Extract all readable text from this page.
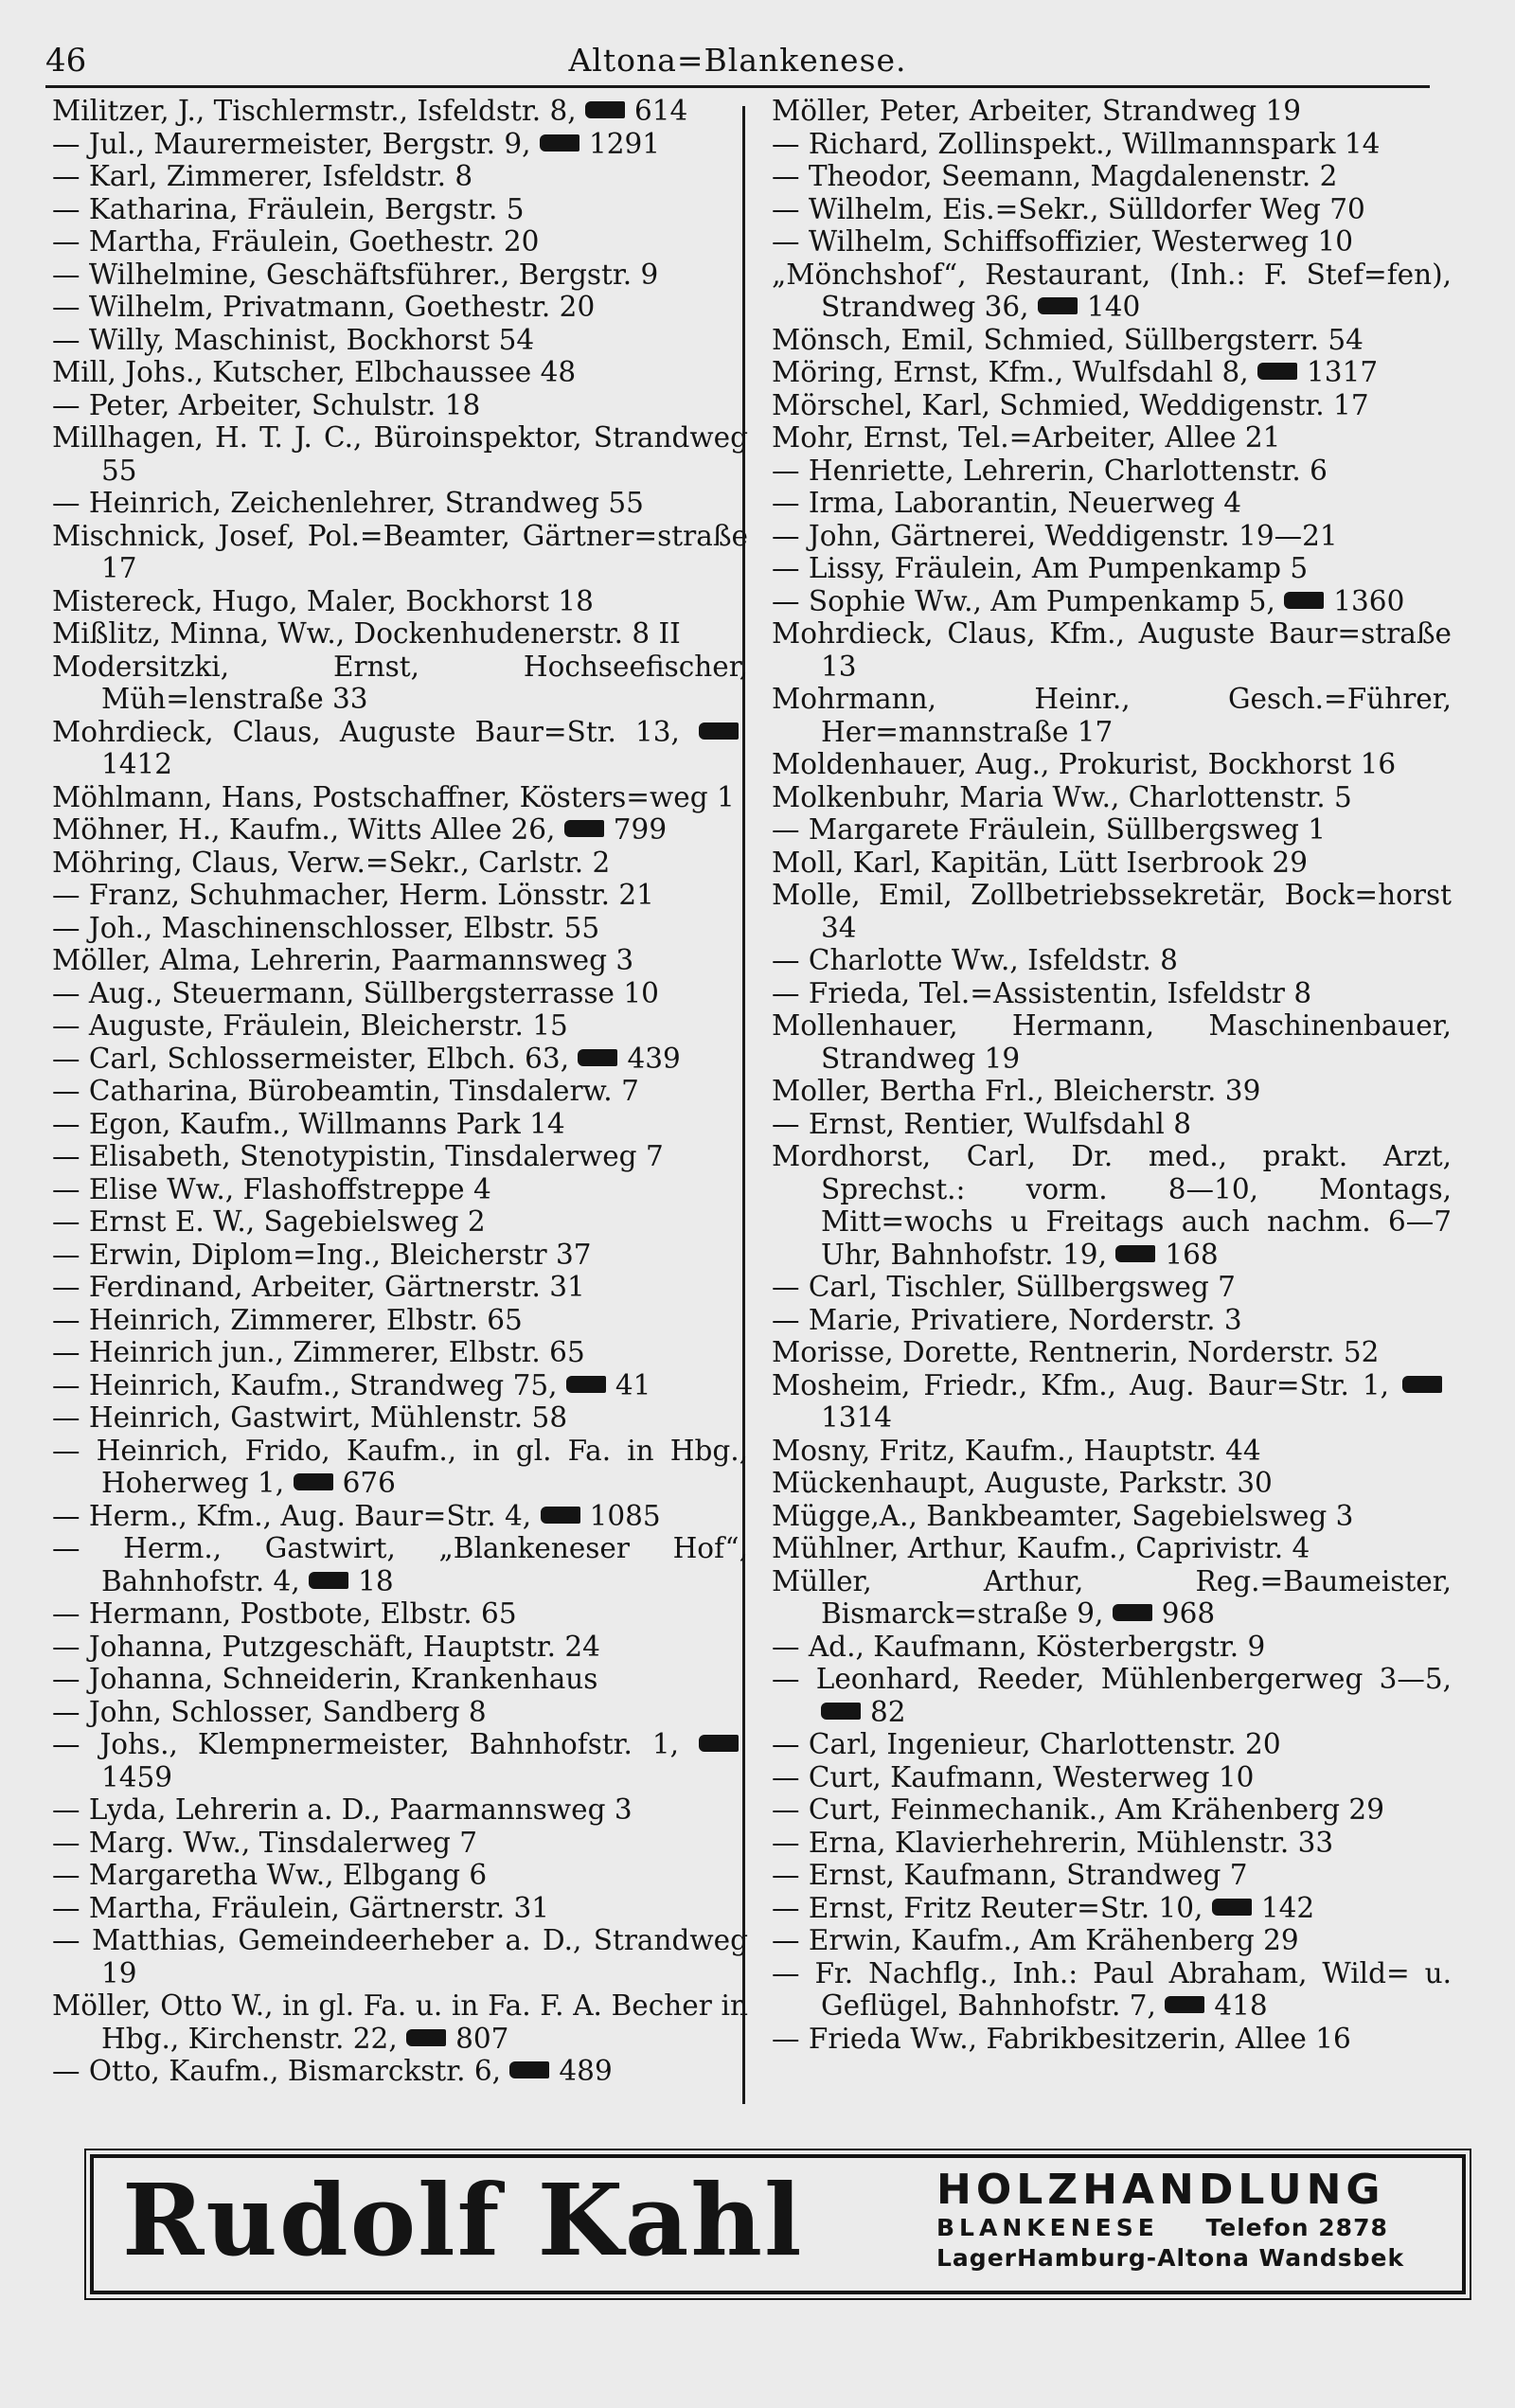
46	Altona=Blankenese.
Militzer, J., Tischlermstr., Isfeldstr. 8, 614
— Jul., Maurermeister, Bergstr. 9, 1291
— Karl, Zimmerer, Isfeldstr. 8
— Katharina, Fräulein, Bergstr. 5
— Martha, Fräulein, Goethestr. 20
— Wilhelmine, Geschäftsführer., Bergstr. 9
— Wilhelm, Privatmann, Goethestr. 20
— Willy, Maschinist, Bockhorst 54
Mill, Johs., Kutscher, Elbchaussee 48
— Peter, Arbeiter, Schulstr. 18
Millhagen, H. T. J. C., Büroinspektor, Strandweg 55
— Heinrich, Zeichenlehrer, Strandweg 55
Mischnick, Josef, Pol.=Beamter, Gärtner=straße 17
Mistereck, Hugo, Maler, Bockhorst 18
Mißlitz, Minna, Ww., Dockenhudenerstr. 8 II
Modersitzki, Ernst, Hochseefischer, Müh=lenstraße 33
Mohrdieck, Claus, Auguste Baur=Str. 13, 1412
Möhlmann, Hans, Postschaffner, Kösters=weg 1
Möhner, H., Kaufm., Witts Allee 26, 799
Möhring, Claus, Verw.=Sekr., Carlstr. 2
— Franz, Schuhmacher, Herm. Lönsstr. 21
— Joh., Maschinenschlosser, Elbstr. 55
Möller, Alma, Lehrerin, Paarmannsweg 3
— Aug., Steuermann, Süllbergsterrasse 10
— Auguste, Fräulein, Bleicherstr. 15
— Carl, Schlossermeister, Elbch. 63, 439
— Catharina, Bürobeamtin, Tinsdalerw. 7
— Egon, Kaufm., Willmanns Park 14
— Elisabeth, Stenotypistin, Tinsdalerweg 7
— Elise Ww., Flashoffstreppe 4
— Ernst E. W., Sagebielsweg 2
— Erwin, Diplom=Ing., Bleicherstr 37
— Ferdinand, Arbeiter, Gärtnerstr. 31
— Heinrich, Zimmerer, Elbstr. 65
— Heinrich jun., Zimmerer, Elbstr. 65
— Heinrich, Kaufm., Strandweg 75, 41
— Heinrich, Gastwirt, Mühlenstr. 58
— Heinrich, Frido, Kaufm., in gl. Fa. in Hbg., Hoherweg 1, 676
— Herm., Kfm., Aug. Baur=Str. 4, 1085
— Herm., Gastwirt, „Blankeneser Hof“, Bahnhofstr. 4, 18
— Hermann, Postbote, Elbstr. 65
— Johanna, Putzgeschäft, Hauptstr. 24
— Johanna, Schneiderin, Krankenhaus
— John, Schlosser, Sandberg 8
— Johs., Klempnermeister, Bahnhofstr. 1, 1459
— Lyda, Lehrerin a. D., Paarmannsweg 3
— Marg. Ww., Tinsdalerweg 7
— Margaretha Ww., Elbgang 6
— Martha, Fräulein, Gärtnerstr. 31
— Matthias, Gemeindeerheber a. D., Strandweg 19
Möller, Otto W., in gl. Fa. u. in Fa. F. A. Becher in Hbg., Kirchenstr. 22, 807
— Otto, Kaufm., Bismarckstr. 6, 489
Möller, Peter, Arbeiter, Strandweg 19
— Richard, Zollinspekt., Willmannspark 14
— Theodor, Seemann, Magdalenenstr. 2
— Wilhelm, Eis.=Sekr., Sülldorfer Weg 70
— Wilhelm, Schiffsoffizier, Westerweg 10
„Mönchshof“, Restaurant, (Inh.: F. Stef=fen), Strandweg 36, 140
Mönsch, Emil, Schmied, Süllbergsterr. 54
Möring, Ernst, Kfm., Wulfsdahl 8, 1317
Mörschel, Karl, Schmied, Weddigenstr. 17
Mohr, Ernst, Tel.=Arbeiter, Allee 21
— Henriette, Lehrerin, Charlottenstr. 6
— Irma, Laborantin, Neuerweg 4
— John, Gärtnerei, Weddigenstr. 19—21
— Lissy, Fräulein, Am Pumpenkamp 5
— Sophie Ww., Am Pumpenkamp 5, 1360
Mohrdieck, Claus, Kfm., Auguste Baur=straße 13
Mohrmann, Heinr., Gesch.=Führer, Her=mannstraße 17
Moldenhauer, Aug., Prokurist, Bockhorst 16
Molkenbuhr, Maria Ww., Charlottenstr. 5
— Margarete Fräulein, Süllbergsweg 1
Moll, Karl, Kapitän, Lütt Iserbrook 29
Molle, Emil, Zollbetriebssekretär, Bock=horst 34
— Charlotte Ww., Isfeldstr. 8
— Frieda, Tel.=Assistentin, Isfeldstr 8
Mollenhauer, Hermann, Maschinenbauer, Strandweg 19
Moller, Bertha Frl., Bleicherstr. 39
— Ernst, Rentier, Wulfsdahl 8
Mordhorst, Carl, Dr. med., prakt. Arzt, Sprechst.: vorm. 8—10, Montags, Mitt=wochs u Freitags auch nachm. 6—7 Uhr, Bahnhofstr. 19, 168
— Carl, Tischler, Süllbergsweg 7
— Marie, Privatiere, Norderstr. 3
Morisse, Dorette, Rentnerin, Norderstr. 52
Mosheim, Friedr., Kfm., Aug. Baur=Str. 1, 1314
Mosny, Fritz, Kaufm., Hauptstr. 44
Mückenhaupt, Auguste, Parkstr. 30
Mügge,A., Bankbeamter, Sagebielsweg 3
Mühlner, Arthur, Kaufm., Caprivistr. 4
Müller, Arthur, Reg.=Baumeister, Bismarck=straße 9, 968
— Ad., Kaufmann, Kösterbergstr. 9
— Leonhard, Reeder, Mühlenbergerweg 3—5, 82
— Carl, Ingenieur, Charlottenstr. 20
— Curt, Kaufmann, Westerweg 10
— Curt, Feinmechanik., Am Krähenberg 29
— Erna, Klavierhehrerin, Mühlenstr. 33
— Ernst, Kaufmann, Strandweg 7
— Ernst, Fritz Reuter=Str. 10, 142
— Erwin, Kaufm., Am Krähenberg 29
— Fr. Nachflg., Inh.: Paul Abraham, Wild= u. Geflügel, Bahnhofstr. 7, 418
— Frieda Ww., Fabrikbesitzerin, Allee 16
Rudolf Kahl	HOLZHANDLUNG
BLANKENESE Telefon 2878
LagerHamburg-Altona Wandsbek
